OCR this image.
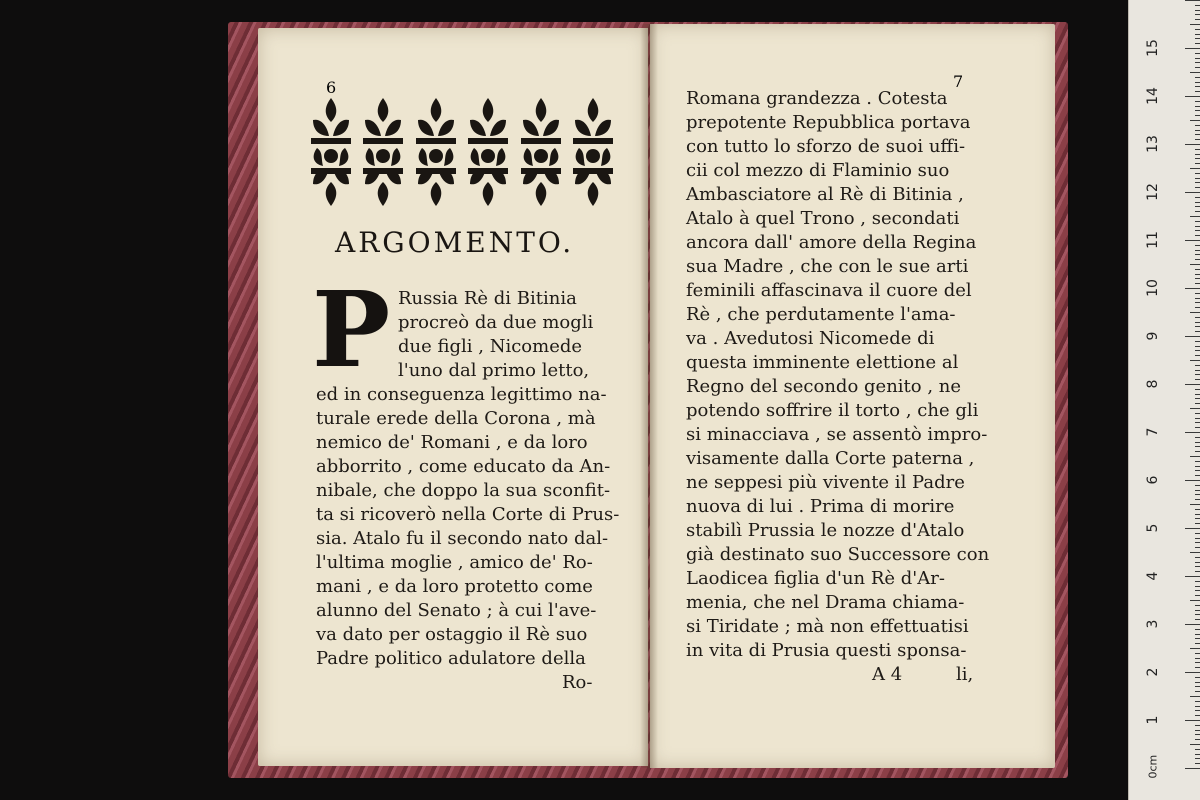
6
ARGOMENTO.
P Russia Rè di Bitinia
procreò da due mogli
due figli , Nicomede
l'uno dal primo letto,
ed in conseguenza legittimo na-
turale erede della Corona , mà
nemico de' Romani , e da loro
abborrito , come educato da An-
nibale, che doppo la sua sconfit-
ta si ricoverò nella Corte di Prus-
sia. Atalo fu il secondo nato dal-
l'ultima moglie , amico de' Ro-
mani , e da loro protetto come
alunno del Senato ; à cui l'ave-
va dato per ostaggio il Rè suo
Padre politico adulatore della
Ro-
7
Romana grandezza . Cotesta
prepotente Repubblica portava
con tutto lo sforzo de suoi uffi-
cii col mezzo di Flaminio suo
Ambasciatore al Rè di Bitinia ,
Atalo à quel Trono , secondati
ancora dall' amore della Regina
sua Madre , che con le sue arti
feminili affascinava il cuore del
Rè , che perdutamente l'ama-
va . Avedutosi Nicomede di
questa imminente elettione al
Regno del secondo genito , ne
potendo soffrire il torto , che gli
si minacciava , se assentò impro-
visamente dalla Corte paterna ,
ne seppesi più vivente il Padre
nuova di lui . Prima di morire
stabilì Prussia le nozze d'Atalo
già destinato suo Successore con
Laodicea figlia d'un Rè d'Ar-
menia, che nel Drama chiama-
si Tiridate ; mà non effettuatisi
in vita di Prusia questi sponsa-
A 4	li,
0cm
1
2
3
4
5
6
7
8
9
10
11
12
13
14
15
